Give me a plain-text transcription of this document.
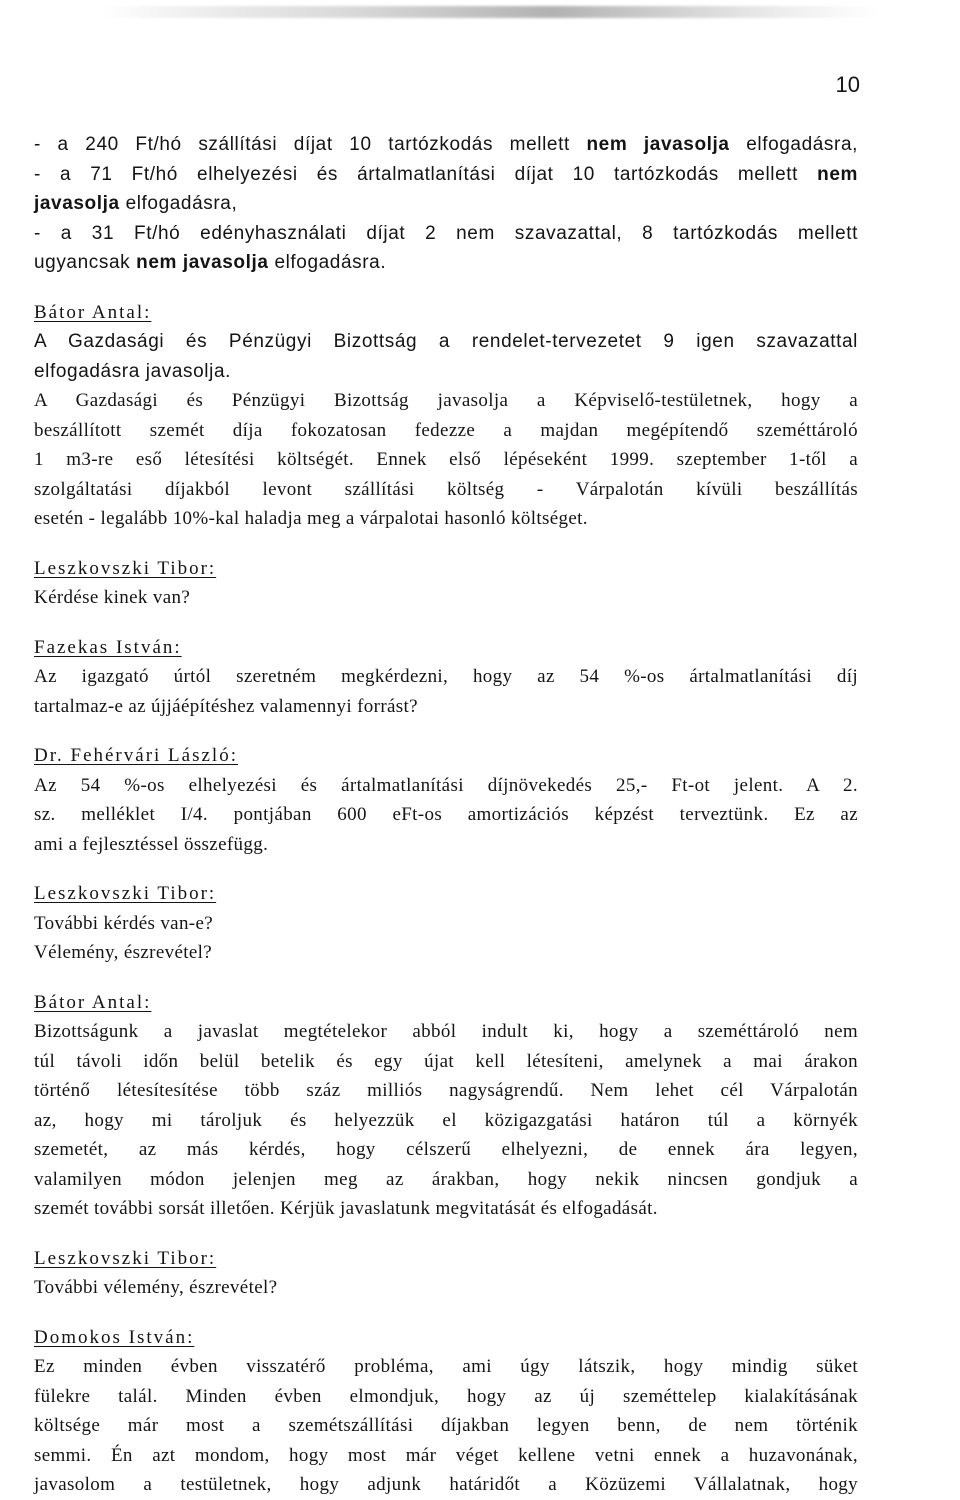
10
- a 240 Ft/hó szállítási díjat 10 tartózkodás mellett nem javasolja elfogadásra,
- a 71 Ft/hó elhelyezési és ártalmatlanítási díjat 10 tartózkodás mellett nem
javasolja elfogadásra,
- a 31 Ft/hó edényhasználati díjat 2 nem szavazattal, 8 tartózkodás mellett
ugyancsak nem javasolja elfogadásra.
Bátor Antal:
A Gazdasági és Pénzügyi Bizottság a rendelet-tervezetet 9 igen szavazattal
elfogadásra javasolja.
A Gazdasági és Pénzügyi Bizottság javasolja a Képviselő-testületnek, hogy a
beszállított szemét díja fokozatosan fedezze a majdan megépítendő szeméttároló
1 m3-re eső létesítési költségét. Ennek első lépéseként 1999. szeptember 1-től a
szolgáltatási díjakból levont szállítási költség - Várpalotán kívüli beszállítás
esetén - legalább 10%-kal haladja meg a várpalotai hasonló költséget.
Leszkovszki Tibor:
Kérdése kinek van?
Fazekas István:
Az igazgató úrtól szeretném megkérdezni, hogy az 54 %-os ártalmatlanítási díj
tartalmaz-e az újjáépítéshez valamennyi forrást?
Dr. Fehérvári László:
Az 54 %-os elhelyezési és ártalmatlanítási díjnövekedés 25,- Ft-ot jelent. A 2.
sz. melléklet I/4. pontjában 600 eFt-os amortizációs képzést terveztünk. Ez az
ami a fejlesztéssel összefügg.
Leszkovszki Tibor:
További kérdés van-e?
Vélemény, észrevétel?
Bátor Antal:
Bizottságunk a javaslat megtételekor abból indult ki, hogy a szeméttároló nem
túl távoli időn belül betelik és egy újat kell létesíteni, amelynek a mai árakon
történő létesítesítése több száz milliós nagyságrendű. Nem lehet cél Várpalotán
az, hogy mi tároljuk és helyezzük el közigazgatási határon túl a környék
szemetét, az más kérdés, hogy célszerű elhelyezni, de ennek ára legyen,
valamilyen módon jelenjen meg az árakban, hogy nekik nincsen gondjuk a
szemét további sorsát illetően. Kérjük javaslatunk megvitatását és elfogadását.
Leszkovszki Tibor:
További vélemény, észrevétel?
Domokos István:
Ez minden évben visszatérő probléma, ami úgy látszik, hogy mindig süket
fülekre talál. Minden évben elmondjuk, hogy az új szeméttelep kialakításának
költsége már most a szemétszállítási díjakban legyen benn, de nem történik
semmi. Én azt mondom, hogy most már véget kellene vetni ennek a huzavonának,
javasolom a testületnek, hogy adjunk határidőt a Közüzemi Vállalatnak, hogy
